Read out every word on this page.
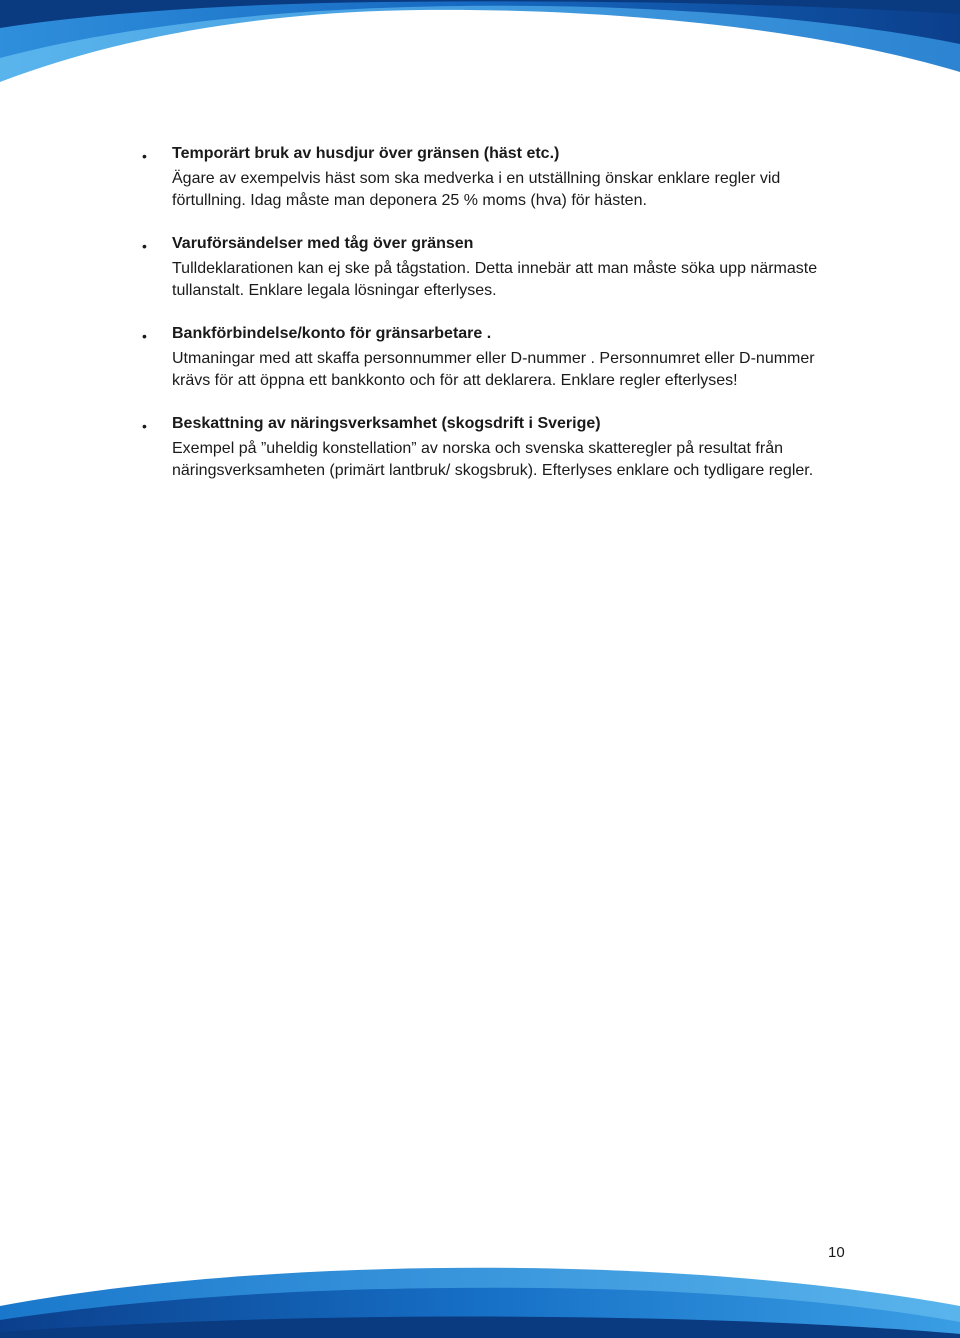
• Temporärt bruk av husdjur över gränsen (häst etc.)

Ägare av exempelvis häst som ska medverka i en utställning önskar enklare regler vid förtullning. Idag måste man deponera 25 % moms (hva) för hästen.

• Varuförsändelser med tåg över gränsen

Tulldeklarationen kan ej ske på tågstation. Detta innebär att man måste söka upp närmaste tullanstalt. Enklare legala lösningar efterlyses.

• Bankförbindelse/konto för gränsarbetare .

Utmaningar med att skaffa personnummer eller D-nummer . Personnumret eller D-nummer krävs för att öppna ett bankkonto och för att deklarera. Enklare regler efterlyses!

• Beskattning av näringsverksamhet (skogsdrift i Sverige)

Exempel på ”uheldig konstellation” av norska och svenska skatteregler på resultat från näringsverksamheten (primärt lantbruk/ skogsbruk). Efterlyses enklare och tydligare regler.

10
